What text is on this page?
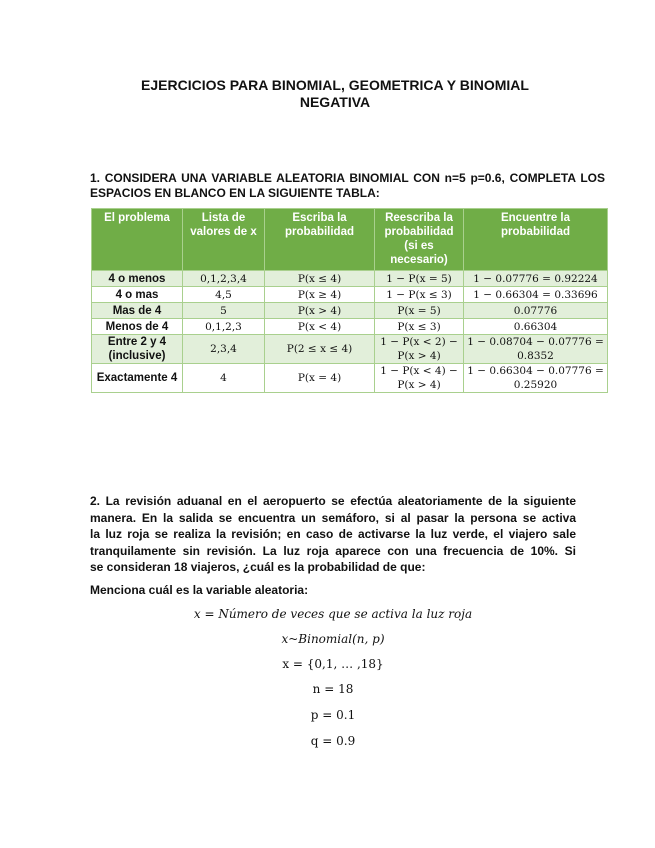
EJERCICIOS PARA BINOMIAL, GEOMETRICA Y BINOMIAL
NEGATIVA
1. CONSIDERA UNA VARIABLE ALEATORIA BINOMIAL CON n=5 p=0.6, COMPLETA LOS ESPACIOS EN BLANCO EN LA SIGUIENTE TABLA:
El problema	Lista de valores de x	Escriba la probabilidad	Reescriba la probabilidad (si es necesario)	Encuentre la probabilidad
4 o menos	0,1,2,3,4	P(x ≤ 4)	1 − P(x = 5)	1 − 0.07776 = 0.92224
4 o mas	4,5	P(x ≥ 4)	1 − P(x ≤ 3)	1 − 0.66304 = 0.33696
Mas de 4	5	P(x > 4)	P(x = 5)	0.07776
Menos de 4	0,1,2,3	P(x < 4)	P(x ≤ 3)	0.66304
Entre 2 y 4 (inclusive)	2,3,4	P(2 ≤ x ≤ 4)	1 − P(x < 2) − P(x > 4)	1 − 0.08704 − 0.07776 = 0.8352
Exactamente 4	4	P(x = 4)	1 − P(x < 4) − P(x > 4)	1 − 0.66304 − 0.07776 = 0.25920
2. La revisión aduanal en el aeropuerto se efectúa aleatoriamente de la siguiente
manera. En la salida se encuentra un semáforo, si al pasar la persona se activa
la luz roja se realiza la revisión; en caso de activarse la luz verde, el viajero sale
tranquilamente sin revisión. La luz roja aparece con una frecuencia de 10%. Si
se consideran 18 viajeros, ¿cuál es la probabilidad de que:
Menciona cuál es la variable aleatoria:
x = Número de veces que se activa la luz roja
x~Binomial(n, p)
x = {0,1, … ,18}
n = 18
p = 0.1
q = 0.9
